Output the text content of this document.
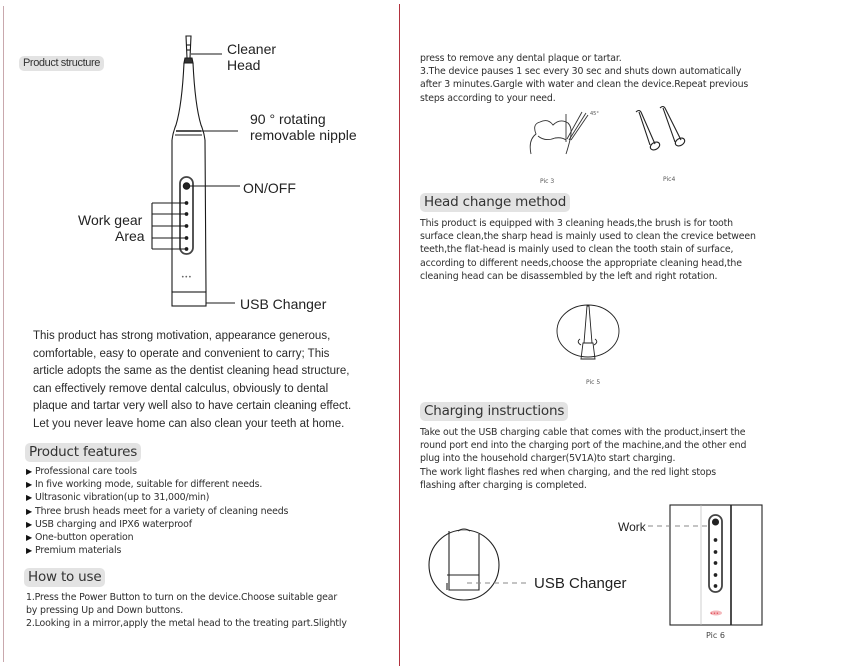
Product structure
•••
Cleaner
Head
90 ° rotating
removable nipple
ON/OFF
Work gear
Area
USB Changer

This product has strong motivation, appearance generous,

comfortable, easy to operate and convenient to carry; This

article adopts the same as the dentist cleaning head structure,

can effectively remove dental calculus, obviously to dental

plaque and tartar very well also to have certain cleaning effect.

Let you never leave home can also clean your teeth at home.

Product features
▶ Professional care tools
▶ In five working mode, suitable for different needs.
▶ Ultrasonic vibration(up to 31,000/min)
▶ Three brush heads meet for a variety of cleaning needs
▶ USB charging and IPX6 waterproof
▶ One-button operation
▶ Premium materials
How to use

1.Press the Power Button to turn on the device.Choose suitable gear

by pressing Up and Down buttons.

2.Looking in a mirror,apply the metal head to the treating part.Slightly

press to remove any dental plaque or tartar.

3.The device pauses 1 sec every 30 sec and shuts down automatically

after 3 minutes.Gargle with water and clean the device.Repeat previous

steps according to your need.

45°
Pic 3	Pic4
Head change method

This product is equipped with 3 cleaning heads,the brush is for tooth

surface clean,the sharp head is mainly used to clean the crevice between

teeth,the flat-head is mainly used to clean the tooth stain of surface,

according to different needs,choose the appropriate cleaning head,the

cleaning head can be disassembled by the left and right rotation.

Pic 5
Charging instructions

Take out the USB charging cable that comes with the product,insert the

round port end into the charging port of the machine,and the other end

plug into the household charger(5V1A)to start charging.

The work light flashes red when charging, and the red light stops

flashing after charging is completed.

•••
Work
USB Changer
Pic 6
